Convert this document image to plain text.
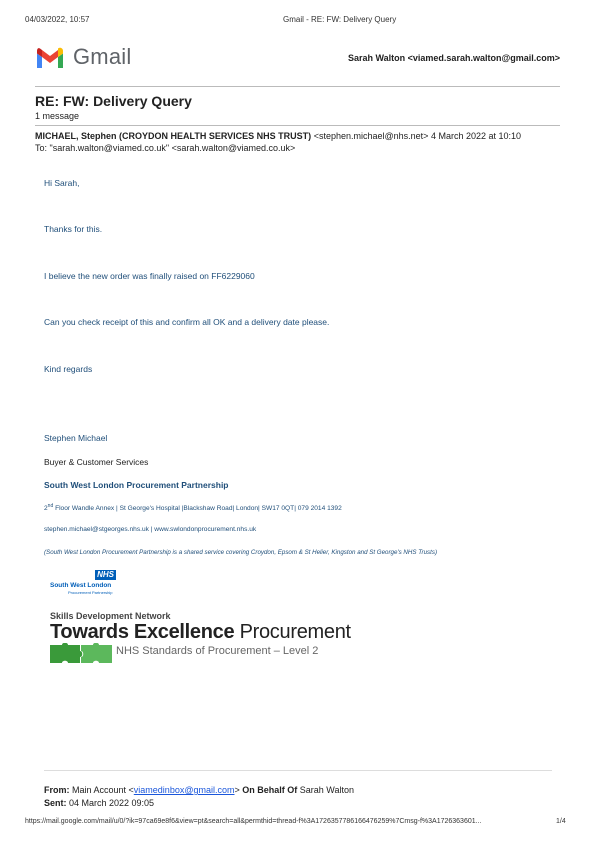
04/03/2022, 10:57	Gmail - RE: FW: Delivery Query
Gmail	Sarah Walton <viamed.sarah.walton@gmail.com>
RE: FW: Delivery Query
1 message
MICHAEL, Stephen (CROYDON HEALTH SERVICES NHS TRUST) <stephen.michael@nhs.net> 4 March 2022 at 10:10
To: "sarah.walton@viamed.co.uk" <sarah.walton@viamed.co.uk>
Hi Sarah,
Thanks for this.
I believe the new order was finally raised on FF6229060
Can you check receipt of this and confirm all OK and a delivery date please.
Kind regards
Stephen Michael
Buyer & Customer Services
South West London Procurement Partnership
2nd Floor Wandle Annex | St George's Hospital |Blackshaw Road| London| SW17 0QT| 079 2014 1392
stephen.michael@stgeorges.nhs.uk | www.swlondonprocurement.nhs.uk
(South West London Procurement Partnership is a shared service covering Croydon, Epsom & St Helier, Kingston and St George's NHS Trusts)
NHS
South West London
Procurement Partnership
Skills Development Network
Towards Excellence Procurement
NHS Standards of Procurement – Level 2
From: Main Account <viamedinbox@gmail.com> On Behalf Of Sarah Walton
Sent: 04 March 2022 09:05
https://mail.google.com/mail/u/0/?ik=97ca69e8f6&view=pt&search=all&permthid=thread-f%3A1726357786166476259%7Cmsg-f%3A1726363601...	1/4
